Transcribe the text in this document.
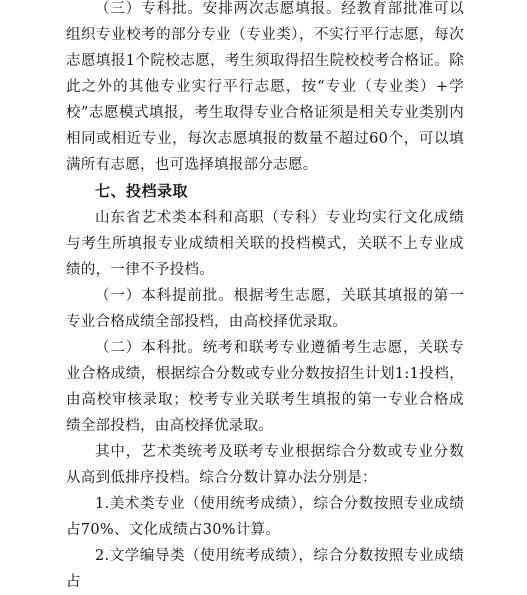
（三）专科批。安排两次志愿填报。经教育部批准可以组织专业校考的部分专业（专业类），不实行平行志愿，每次志愿填报1个院校志愿，考生须取得招生院校校考合格证。除此之外的其他专业实行平行志愿，按“专业（专业类）+学校”志愿模式填报，考生取得专业合格证须是相关专业类别内相同或相近专业，每次志愿填报的数量不超过60个，可以填满所有志愿，也可选择填报部分志愿。

七、投档录取

山东省艺术类本科和高职（专科）专业均实行文化成绩与考生所填报专业成绩相关联的投档模式，关联不上专业成绩的，一律不予投档。

（一）本科提前批。根据考生志愿，关联其填报的第一专业合格成绩全部投档，由高校择优录取。

（二）本科批。统考和联考专业遵循考生志愿，关联专业合格成绩，根据综合分数或专业分数按招生计划1:1投档，由高校审核录取；校考专业关联考生填报的第一专业合格成绩全部投档，由高校择优录取。

其中，艺术类统考及联考专业根据综合分数或专业分数从高到低排序投档。综合分数计算办法分别是：

1.美术类专业（使用统考成绩），综合分数按照专业成绩占70%、文化成绩占30%计算。

2.文学编导类（使用统考成绩），综合分数按照专业成绩占
